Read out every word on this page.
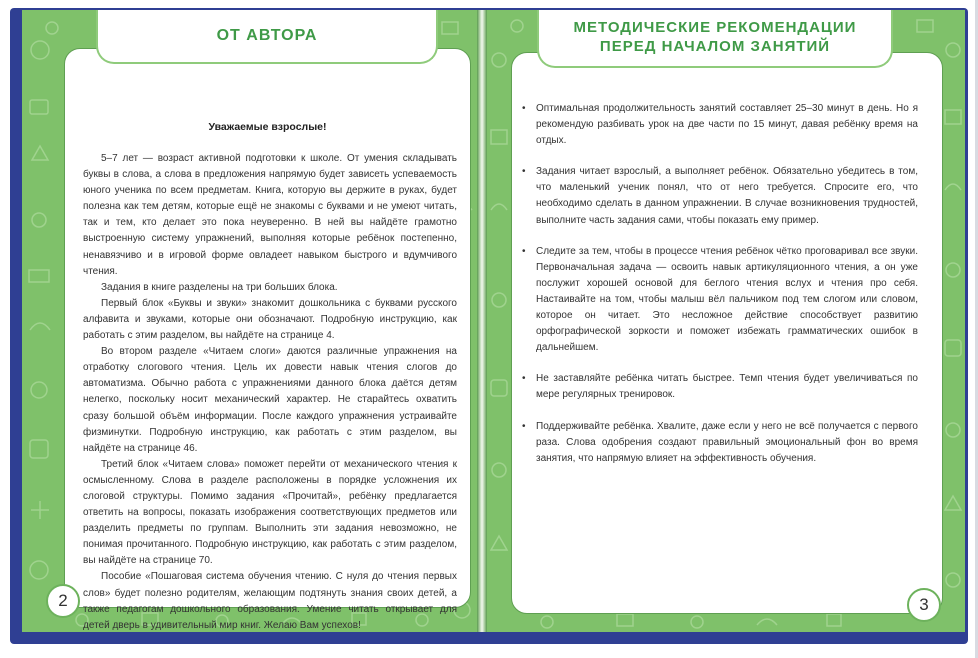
Уважаемые взрослые!

5–7 лет — возраст активной подготовки к школе. От умения складывать буквы в слова, а слова в предложения напрямую будет зависеть успеваемость юного ученика по всем предметам. Книга, которую вы держите в руках, будет полезна как тем детям, которые ещё не знакомы с буквами и не умеют читать, так и тем, кто делает это пока неуверенно. В ней вы найдёте грамотно выстроенную систему упражнений, выполняя которые ребёнок постепенно, ненавязчиво и в игровой форме овладеет навыком быстрого и вдумчивого чтения.

Задания в книге разделены на три больших блока.

Первый блок «Буквы и звуки» знакомит дошкольника с буквами русского алфавита и звуками, которые они обозначают. Подробную инструкцию, как работать с этим разделом, вы найдёте на странице 4.

Во втором разделе «Читаем слоги» даются различные упражнения на отработку слогового чтения. Цель их довести навык чтения слогов до автоматизма. Обычно работа с упражнениями данного блока даётся детям нелегко, поскольку носит механический характер. Не старайтесь охватить сразу большой объём информации. После каждого упражнения устраивайте физминутки. Подробную инструкцию, как работать с этим разделом, вы найдёте на странице 46.

Третий блок «Читаем слова» поможет перейти от механического чтения к осмысленному. Слова в разделе расположены в порядке усложнения их слоговой структуры. Помимо задания «Прочитай», ребёнку предлагается ответить на вопросы, показать изображения соответствующих предметов или разделить предметы по группам. Выполнить эти задания невозможно, не понимая прочитанного. Подробную инструкцию, как работать с этим разделом, вы найдёте на странице 70.

Пособие «Пошаговая система обучения чтению. С нуля до чтения первых слов» будет полезно родителям, желающим подтянуть знания своих детей, а также педагогам дошкольного образования. Умение читать открывает для детей дверь в удивительный мир книг. Желаю Вам успехов!

ОТ АВТОРА
2
• Оптимальная продолжительность занятий составляет 25–30 минут в день. Но я рекомендую разбивать урок на две части по 15 минут, давая ребёнку время на отдых.
• Задания читает взрослый, а выполняет ребёнок. Обязательно убедитесь в том, что маленький ученик понял, что от него требуется. Спросите его, что необходимо сделать в данном упражнении. В случае возникновения трудностей, выполните часть задания сами, чтобы показать ему пример.
• Следите за тем, чтобы в процессе чтения ребёнок чётко проговаривал все звуки. Первоначальная задача — освоить навык артикуляционного чтения, а он уже послужит хорошей основой для беглого чтения вслух и чтения про себя. Настаивайте на том, чтобы малыш вёл пальчиком под тем слогом или словом, которое он читает. Это несложное действие способствует развитию орфографической зоркости и поможет избежать грамматических ошибок в дальнейшем.
• Не заставляйте ребёнка читать быстрее. Темп чтения будет увеличиваться по мере регулярных тренировок.
• Поддерживайте ребёнка. Хвалите, даже если у него не всё получается с первого раза. Слова одобрения создают правильный эмоциональный фон во время занятия, что напрямую влияет на эффективность обучения.
МЕТОДИЧЕСКИЕ РЕКОМЕНДАЦИИ
ПЕРЕД НАЧАЛОМ ЗАНЯТИЙ
3
